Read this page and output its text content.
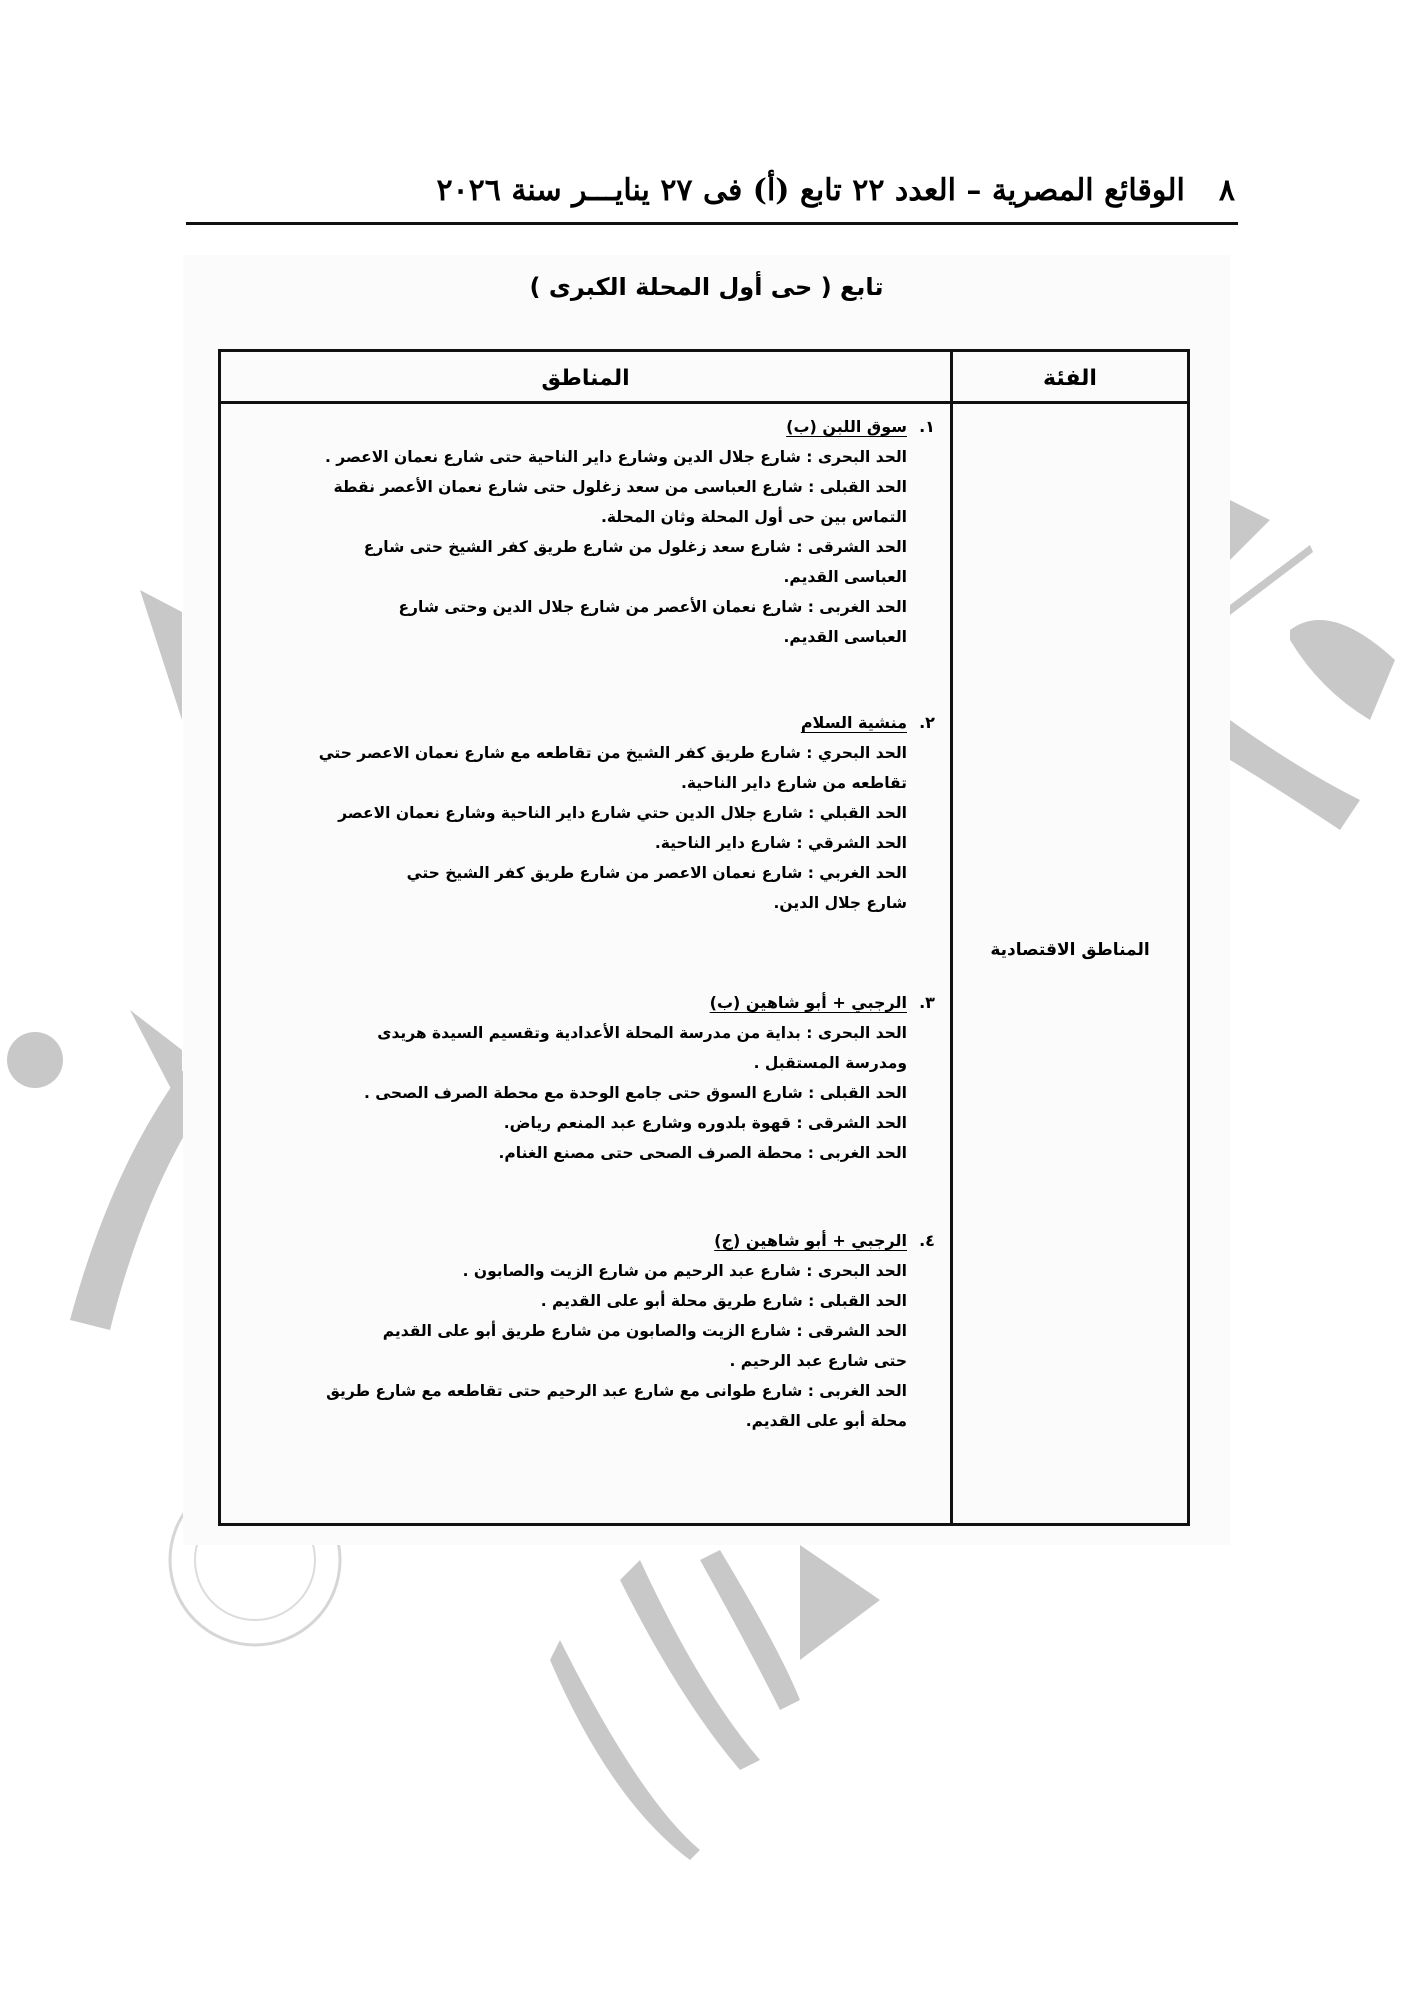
٨
الوقائع المصرية – العدد ٢٢ تابع (أ) فى ٢٧ ينايـــر سنة ٢٠٢٦
تابع ( حى أول المحلة الكبرى )
المناطق	الفئة
المناطق الاقتصادية
١.
سوق اللبن (ب)
الحد البحرى : شارع جلال الدين وشارع داير الناحية حتى شارع نعمان الاعصر .
الحد القبلى : شارع العباسى من سعد زغلول حتى شارع نعمان الأعصر نقطة
التماس بين حى أول المحلة وثان المحلة.
الحد الشرقى : شارع سعد زغلول من شارع طريق كفر الشيخ حتى شارع
العباسى القديم.
الحد الغربى : شارع نعمان الأعصر من شارع جلال الدين وحتى شارع
العباسى القديم.
٢.
منشية السلام
الحد البحري : شارع طريق كفر الشيخ من تقاطعه مع شارع نعمان الاعصر حتي
تقاطعه من شارع داير الناحية.
الحد القبلي : شارع جلال الدين حتي شارع داير الناحية وشارع نعمان الاعصر
الحد الشرقي : شارع داير الناحية.
الحد الغربي : شارع نعمان الاعصر من شارع طريق كفر الشيخ حتي
شارع جلال الدين.
٣.
الرجبي + أبو شاهين (ب)
الحد البحرى : بداية من مدرسة المحلة الأعدادية وتقسيم السيدة هريدى
ومدرسة المستقبل .
الحد القبلى : شارع السوق حتى جامع الوحدة مع محطة الصرف الصحى .
الحد الشرقى : قهوة بلدوره وشارع عبد المنعم رياض.
الحد الغربى : محطة الصرف الصحى حتى مصنع الغنام.
٤.
الرجبي + أبو شاهين (ج)
الحد البحرى : شارع عبد الرحيم من شارع الزيت والصابون .
الحد القبلى : شارع طريق محلة أبو على القديم .
الحد الشرقى : شارع الزيت والصابون من شارع طريق أبو على القديم
حتى شارع عبد الرحيم .
الحد الغربى : شارع طوانى مع شارع عبد الرحيم حتى تقاطعه مع شارع طريق
محلة أبو على القديم.
